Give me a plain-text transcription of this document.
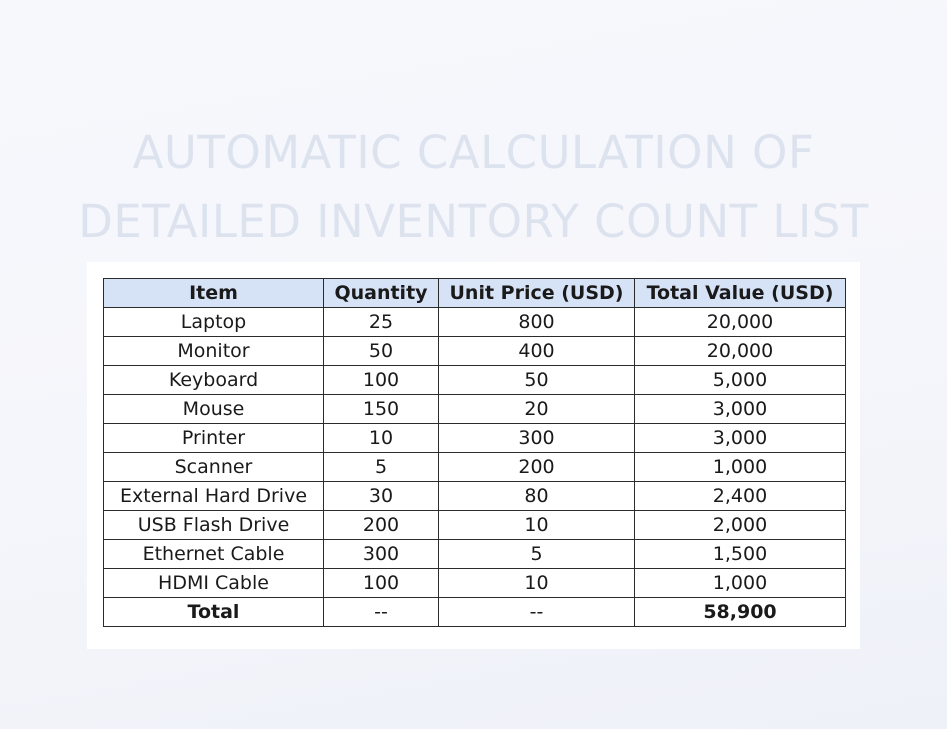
AUTOMATIC CALCULATION OF
DETAILED INVENTORY COUNT LIST
Item	Quantity	Unit Price (USD)	Total Value (USD)
Laptop	25	800	20,000
Monitor	50	400	20,000
Keyboard	100	50	5,000
Mouse	150	20	3,000
Printer	10	300	3,000
Scanner	5	200	1,000
External Hard Drive	30	80	2,400
USB Flash Drive	200	10	2,000
Ethernet Cable	300	5	1,500
HDMI Cable	100	10	1,000
Total	--	--	58,900
